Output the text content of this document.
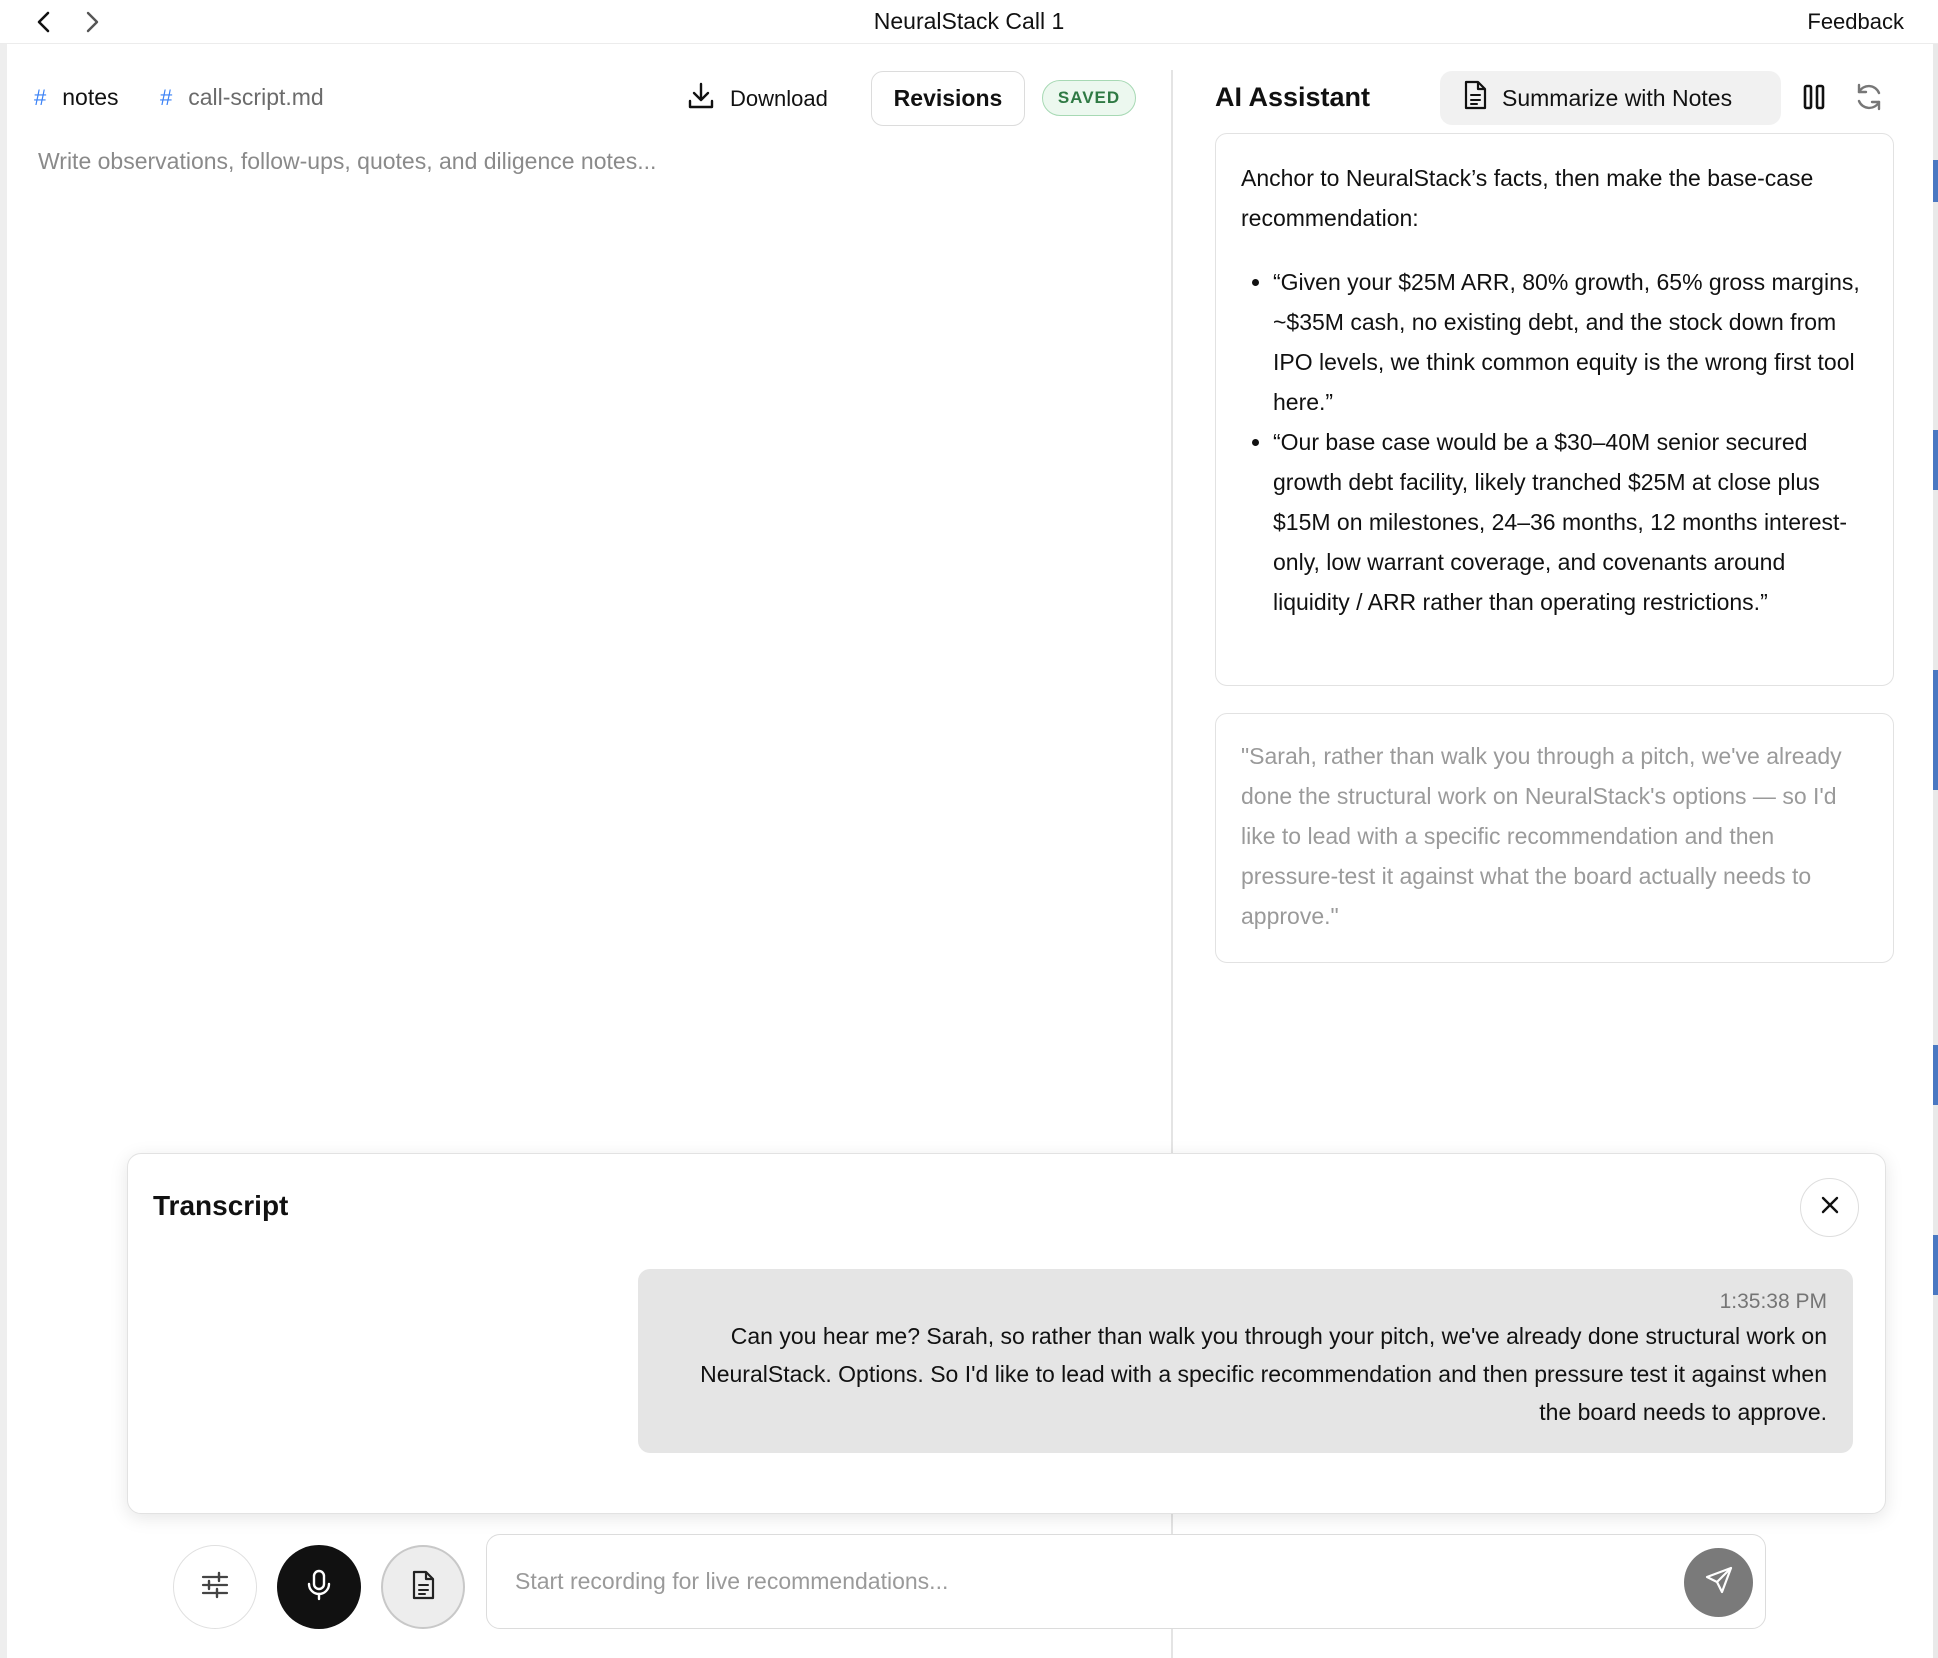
NeuralStack Call 1	Feedback
# notes # call-script.md	Download	Revisions	SAVED
Write observations, follow-ups, quotes, and diligence notes...	AI Assistant	Summarize with Notes
Anchor to NeuralStack’s facts, then make the base-case recommendation:
• “Given your $25M ARR, 80% growth, 65% gross margins, ~$35M cash, no existing debt, and the stock down from IPO levels, we think common equity is the wrong first tool here.”
• “Our base case would be a $30–40M senior secured growth debt facility, likely tranched $25M at close plus $15M on milestones, 24–36 months, 12 months interest-only, low warrant coverage, and covenants around liquidity / ARR rather than operating restrictions.”
"Sarah, rather than walk you through a pitch, we've already done the structural work on NeuralStack's options — so I'd like to lead with a specific recommendation and then pressure-test it against what the board actually needs to approve."
Transcript
1:35:38 PM
Can you hear me? Sarah, so rather than walk you through your pitch, we've already done structural work on NeuralStack. Options. So I'd like to lead with a specific recommendation and then pressure test it against when the board needs to approve.
Start recording for live recommendations...
